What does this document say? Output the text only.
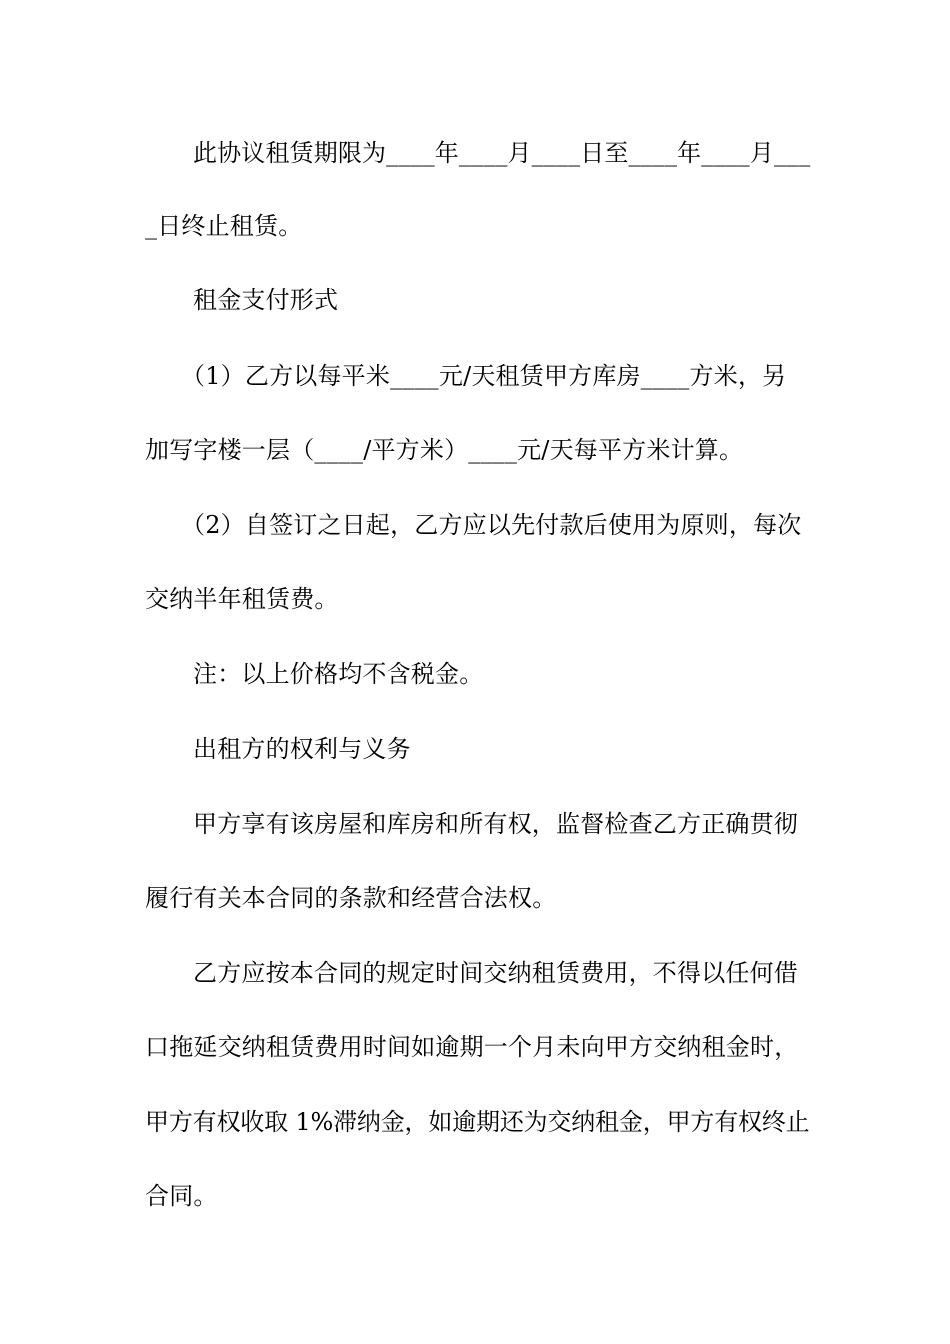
此协议租赁期限为____年____月____日至____年____月___
_日终止租赁。
租金支付形式
（1）乙方以每平米____元/天租赁甲方库房____方米，另
加写字楼一层（____/平方米）____元/天每平方米计算。
（2）自签订之日起，乙方应以先付款后使用为原则，每次
交纳半年租赁费。
注：以上价格均不含税金。
出租方的权利与义务
甲方享有该房屋和库房和所有权，监督检查乙方正确贯彻
履行有关本合同的条款和经营合法权。
乙方应按本合同的规定时间交纳租赁费用，不得以任何借
口拖延交纳租赁费用时间如逾期一个月未向甲方交纳租金时，
甲方有权收取 1%滞纳金，如逾期还为交纳租金，甲方有权终止
合同。
